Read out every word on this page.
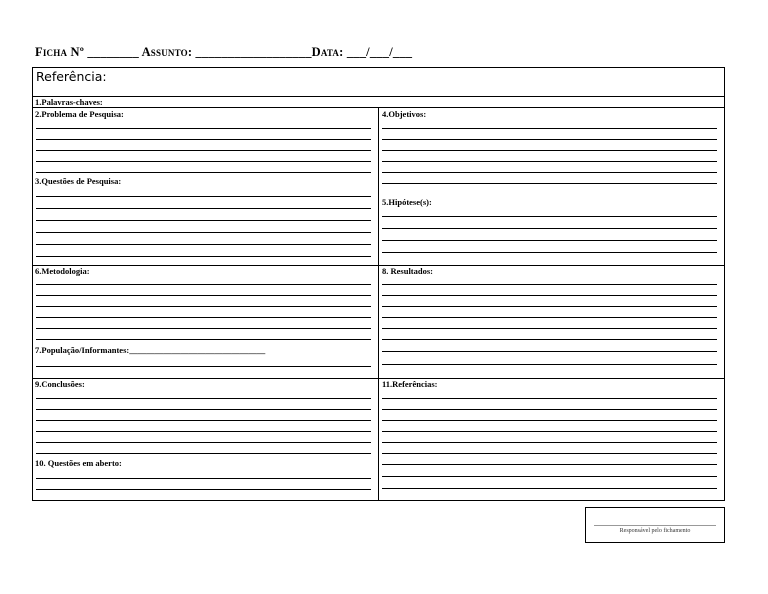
Ficha Nº ________ Assunto: __________________Data: ___/___/___
Referência:
1.Palavras-chaves:
2.Problema de Pesquisa:
3.Questões de Pesquisa:
4.Objetivos:
5.Hipótese(s):
6.Metodologia:
7.População/Informantes:________________________________
8. Resultados:
9.Conclusões:
10. Questões em aberto:
11.Referências:
Responsável pelo fichamento
